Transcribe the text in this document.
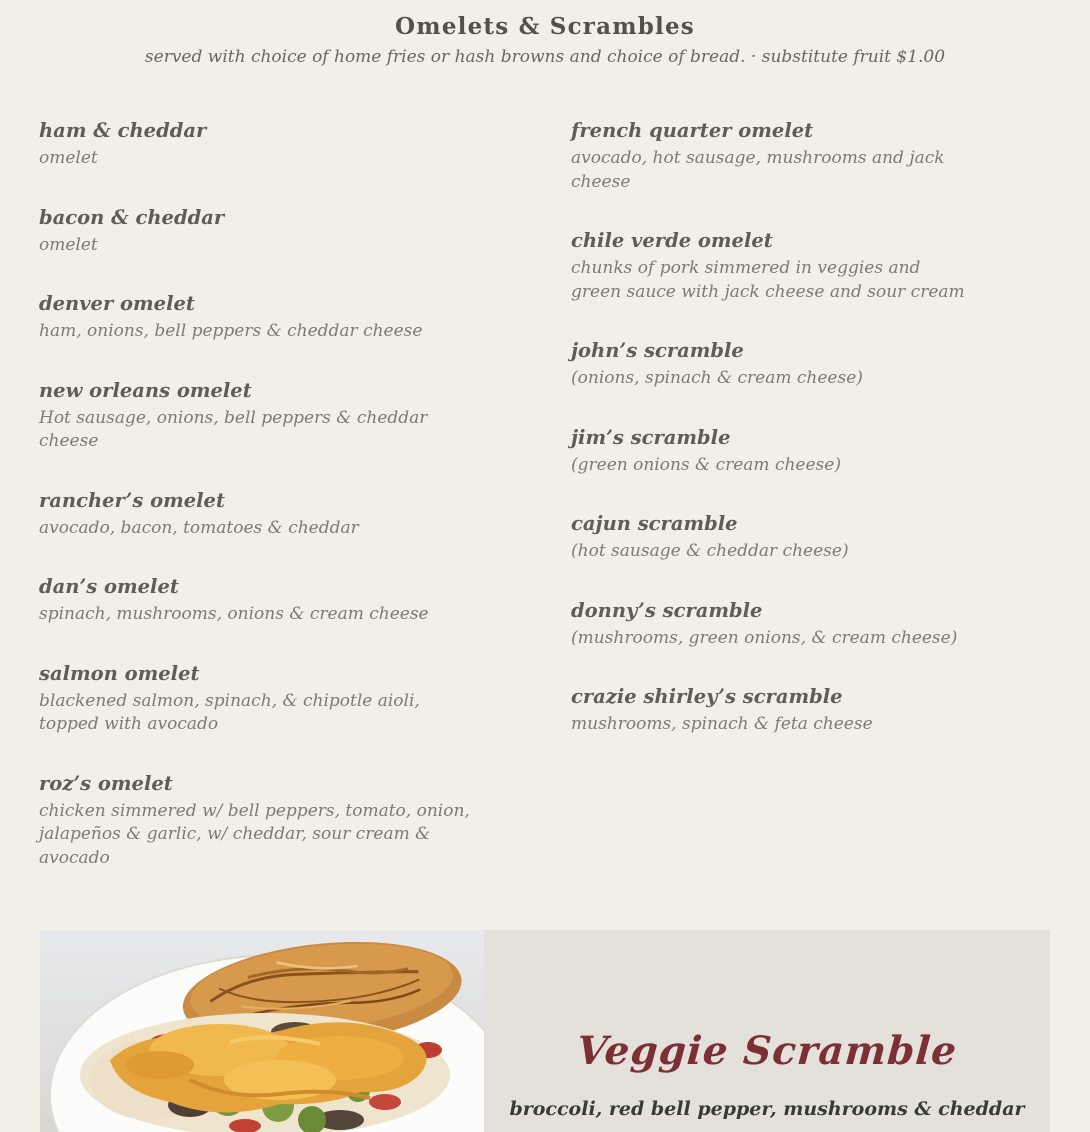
Omelets & Scrambles

served with choice of home fries or hash browns and choice of bread. · substitute fruit $1.00

ham & cheddar
omelet
bacon & cheddar
omelet
denver omelet
ham, onions, bell peppers & cheddar cheese
new orleans omelet
Hot sausage, onions, bell peppers & cheddar cheese
rancher’s omelet
avocado, bacon, tomatoes & cheddar
dan’s omelet
spinach, mushrooms, onions & cream cheese
salmon omelet
blackened salmon, spinach, & chipotle aioli, topped with avocado
roz’s omelet
chicken simmered w/ bell peppers, tomato, onion, jalapeños & garlic, w/ cheddar, sour cream & avocado
french quarter omelet
avocado, hot sausage, mushrooms and jack cheese
chile verde omelet
chunks of pork simmered in veggies and green sauce with jack cheese and sour cream
john’s scramble
(onions, spinach & cream cheese)
jim’s scramble
(green onions & cream cheese)
cajun scramble
(hot sausage & cheddar cheese)
donny’s scramble
(mushrooms, green onions, & cream cheese)
crazie shirley’s scramble
mushrooms, spinach & feta cheese
Veggie Scramble

broccoli, red bell pepper, mushrooms & cheddar
